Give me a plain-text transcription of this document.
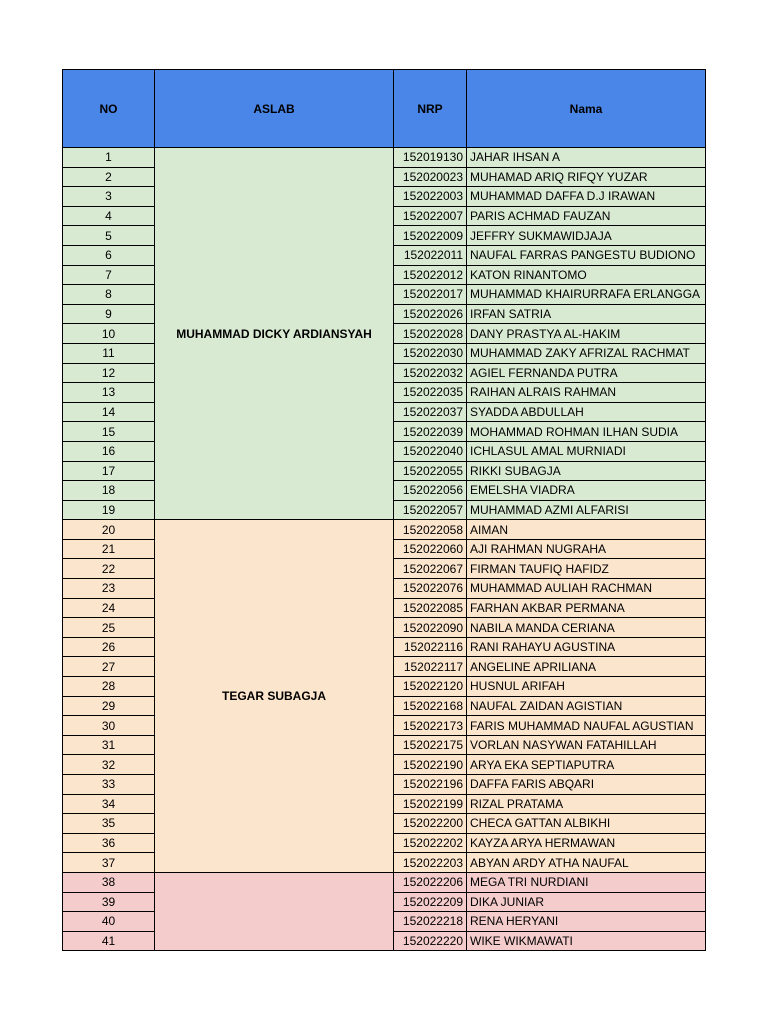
NO	ASLAB	NRP	Nama
1	MUHAMMAD DICKY ARDIANSYAH	152019130	JAHAR IHSAN A
2		152020023	MUHAMAD ARIQ RIFQY YUZAR
3		152022003	MUHAMMAD DAFFA D.J IRAWAN
4		152022007	PARIS ACHMAD FAUZAN
5		152022009	JEFFRY SUKMAWIDJAJA
6		152022011	NAUFAL FARRAS PANGESTU BUDIONO
7		152022012	KATON RINANTOMO
8		152022017	MUHAMMAD KHAIRURRAFA ERLANGGA
9		152022026	IRFAN SATRIA
10		152022028	DANY PRASTYA AL-HAKIM
11		152022030	MUHAMMAD ZAKY AFRIZAL RACHMAT
12		152022032	AGIEL FERNANDA PUTRA
13		152022035	RAIHAN ALRAIS RAHMAN
14		152022037	SYADDA ABDULLAH
15		152022039	MOHAMMAD ROHMAN ILHAN SUDIA
16		152022040	ICHLASUL AMAL MURNIADI
17		152022055	RIKKI SUBAGJA
18		152022056	EMELSHA VIADRA
19		152022057	MUHAMMAD AZMI ALFARISI
20	TEGAR SUBAGJA	152022058	AIMAN
21		152022060	AJI RAHMAN NUGRAHA
22		152022067	FIRMAN TAUFIQ HAFIDZ
23		152022076	MUHAMMAD AULIAH RACHMAN
24		152022085	FARHAN AKBAR PERMANA
25		152022090	NABILA MANDA CERIANA
26		152022116	RANI RAHAYU AGUSTINA
27		152022117	ANGELINE APRILIANA
28		152022120	HUSNUL ARIFAH
29		152022168	NAUFAL ZAIDAN AGISTIAN
30		152022173	FARIS MUHAMMAD NAUFAL AGUSTIAN
31		152022175	VORLAN NASYWAN FATAHILLAH
32		152022190	ARYA EKA SEPTIAPUTRA
33		152022196	DAFFA FARIS ABQARI
34		152022199	RIZAL PRATAMA
35		152022200	CHECA GATTAN ALBIKHI
36		152022202	KAYZA ARYA HERMAWAN
37		152022203	ABYAN ARDY ATHA NAUFAL
38		152022206	MEGA TRI NURDIANI
39		152022209	DIKA JUNIAR
40		152022218	RENA HERYANI
41		152022220	WIKE WIKMAWATI
